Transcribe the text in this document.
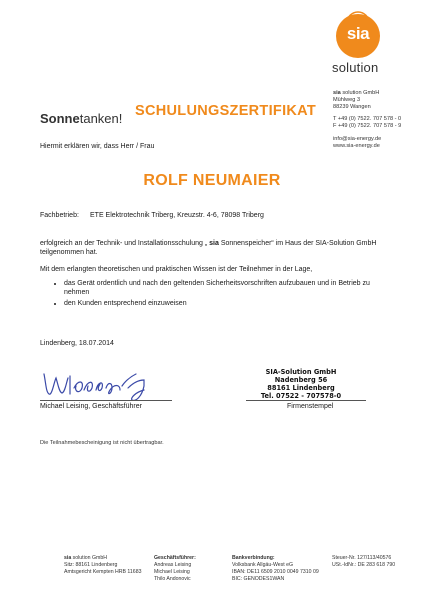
sia
solution
sia solution GmbH
Mühlweg 3
88239 Wangen
T +49 (0) 7522. 707 578 - 0
F +49 (0) 7522. 707 578 - 9
info@sia-energy.de
www.sia-energy.de
Sonnetanken! SCHULUNGSZERTIFIKAT
Hiermit erklären wir, dass Herr / Frau
ROLF NEUMAIER
Fachbetrieb: ETE Elektrotechnik Triberg, Kreuzstr. 4-6, 78098 Triberg
erfolgreich an der Technik- und Installationsschulung „ sia Sonnenspeicher“ im Haus der SIA-Solution GmbH teilgenommen hat.
Mit dem erlangten theoretischen und praktischen Wissen ist der Teilnehmer in der Lage,
• das Gerät ordentlich und nach den geltenden Sicherheitsvorschriften aufzubauen und in Betrieb zu nehmen
• den Kunden entsprechend einzuweisen
Lindenberg, 18.07.2014
Michael Leising, Geschäftsführer
SIA-Solution GmbH
Nadenberg 56
88161 Lindenberg
Tel. 07522 - 707578-0
Firmenstempel
Die Teilnahmebescheinigung ist nicht übertragbar.
sia solution GmbH
Sitz: 88161 Lindenberg
Amtsgericht Kempten HRB 11683
Geschäftsführer:
Andreas Leising
Michael Leising
Thilo Andonovic
Bankverbindung:
Volksbank Allgäu-West eG
IBAN: DE11 6509 2010 0049 7310 09
BIC: GENODES1WAN
Steuer-Nr. 127/113/40576
USt.-IdNr.: DE 283 618 790
